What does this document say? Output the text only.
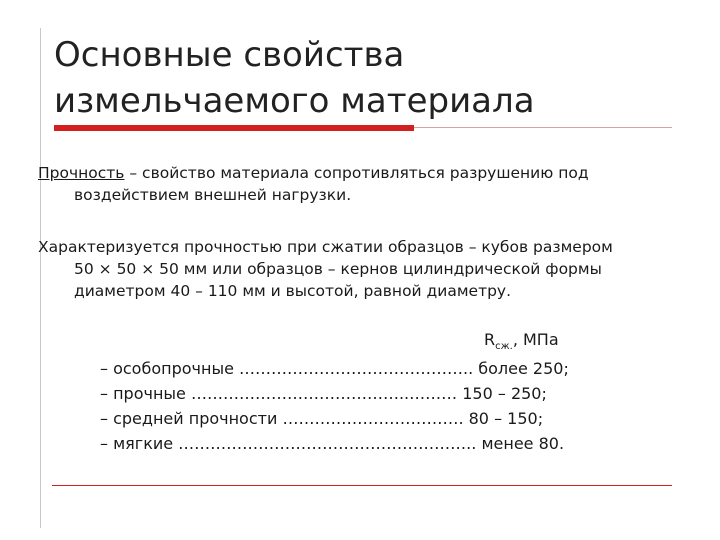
Основные свойства
измельчаемого материала

Прочность – свойство материала сопротивляться разрушению под
воздействием внешней нагрузки.

Характеризуется прочностью при сжатии образцов – кубов размером
50 × 50 × 50 мм или образцов – кернов цилиндрической формы
диаметром 40 – 110 мм и высотой, равной диаметру.

$R_{сж.}$, МПа
– особопрочные …………………………………….. более 250;
– прочные …………………………………..……… 150 – 250;
– средней прочности ……………………………. 80 – 150;
– мягкие ……………………………………………….. менее 80.
